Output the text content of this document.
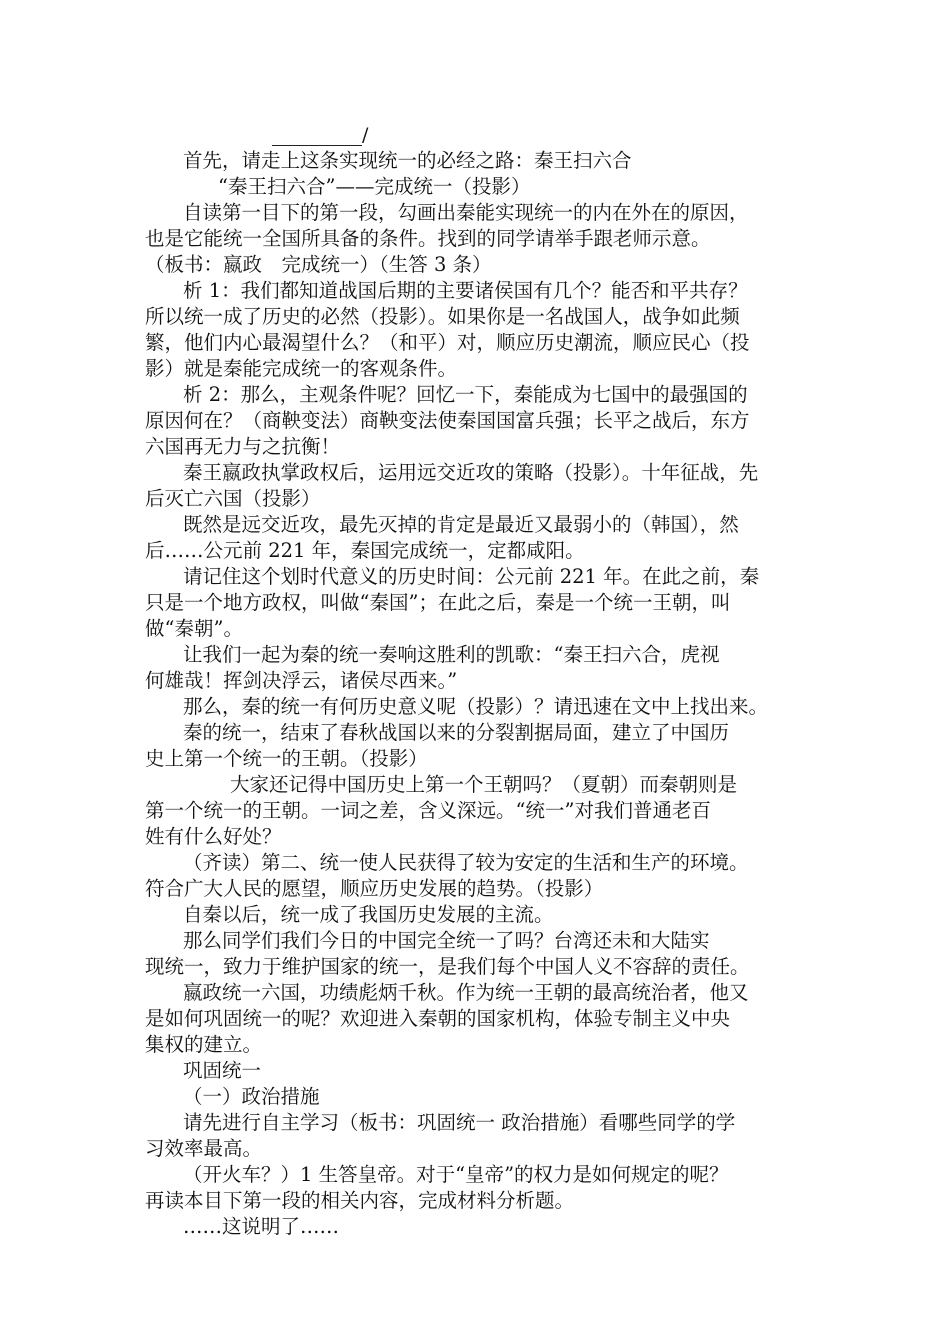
/
首先，请走上这条实现统一的必经之路：秦王扫六合
“秦王扫六合”——完成统一（投影）
自读第一目下的第一段，勾画出秦能实现统一的内在外在的原因，
也是它能统一全国所具备的条件。找到的同学请举手跟老师示意。
（板书：嬴政　完成统一）（生答 3 条）
析 1：我们都知道战国后期的主要诸侯国有几个？能否和平共存？
所以统一成了历史的必然（投影）。如果你是一名战国人，战争如此频
繁，他们内心最渴望什么？（和平）对，顺应历史潮流，顺应民心（投
影）就是秦能完成统一的客观条件。
析 2：那么，主观条件呢？回忆一下，秦能成为七国中的最强国的
原因何在？（商鞅变法）商鞅变法使秦国国富兵强；长平之战后，东方
六国再无力与之抗衡！
秦王嬴政执掌政权后，运用远交近攻的策略（投影）。十年征战，先
后灭亡六国（投影）
既然是远交近攻，最先灭掉的肯定是最近又最弱小的（韩国），然
后……公元前 221 年，秦国完成统一，定都咸阳。
请记住这个划时代意义的历史时间：公元前 221 年。在此之前，秦
只是一个地方政权，叫做“秦国”；在此之后，秦是一个统一王朝，叫
做“秦朝”。
让我们一起为秦的统一奏响这胜利的凯歌：“秦王扫六合，虎视
何雄哉！挥剑决浮云，诸侯尽西来。”
那么，秦的统一有何历史意义呢（投影）？请迅速在文中上找出来。
秦的统一，结束了春秋战国以来的分裂割据局面，建立了中国历
史上第一个统一的王朝。（投影）
大家还记得中国历史上第一个王朝吗？（夏朝）而秦朝则是
第一个统一的王朝。一词之差，含义深远。“统一”对我们普通老百
姓有什么好处？
（齐读）第二、统一使人民获得了较为安定的生活和生产的环境。
符合广大人民的愿望，顺应历史发展的趋势。（投影）
自秦以后，统一成了我国历史发展的主流。
那么同学们我们今日的中国完全统一了吗？台湾还未和大陆实
现统一，致力于维护国家的统一，是我们每个中国人义不容辞的责任。
嬴政统一六国，功绩彪炳千秋。作为统一王朝的最高统治者，他又
是如何巩固统一的呢？欢迎进入秦朝的国家机构，体验专制主义中央
集权的建立。
巩固统一
（一）政治措施
请先进行自主学习（板书：巩固统一 政治措施）看哪些同学的学
习效率最高。
（开火车？）1 生答皇帝。对于“皇帝”的权力是如何规定的呢？
再读本目下第一段的相关内容，完成材料分析题。
……这说明了……
